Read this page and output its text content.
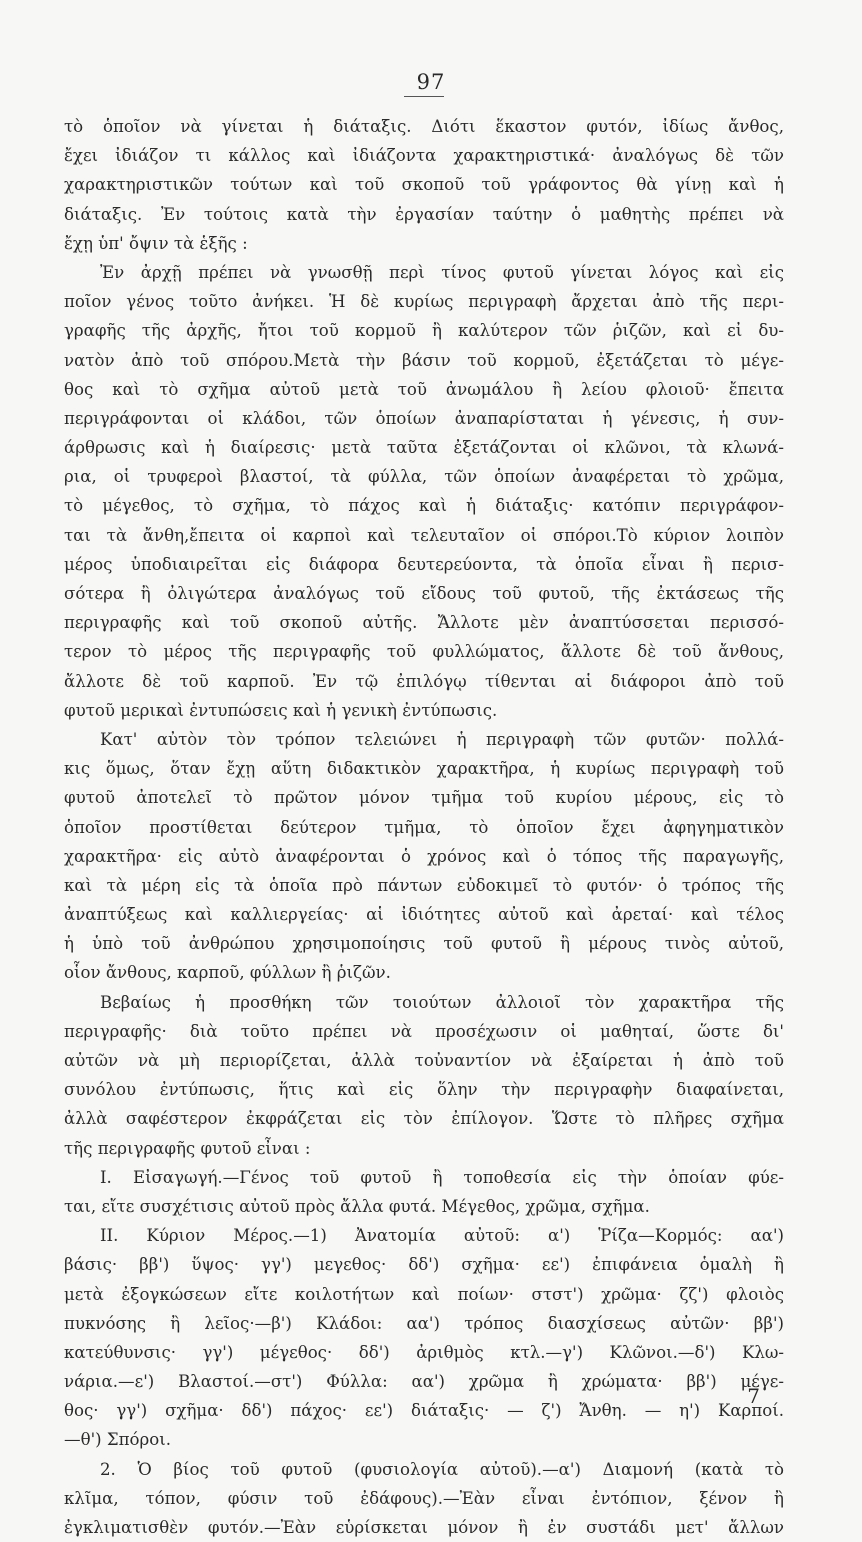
97
τὸ ὁποῖον νὰ γίνεται ἡ διάταξις. Διότι ἕκαστον φυτόν, ἰδίως ἄνθος,
ἔχει ἰδιάζον τι κάλλος καὶ ἰδιάζοντα χαρακτηριστικά· ἀναλόγως δὲ τῶν
χαρακτηριστικῶν τούτων καὶ τοῦ σκοποῦ τοῦ γράφοντος θὰ γίνῃ καὶ ἡ
διάταξις. Ἐν τούτοις κατὰ τὴν ἐργασίαν ταύτην ὁ μαθητὴς πρέπει νὰ
ἔχῃ ὑπ' ὄψιν τὰ ἑξῆς :
Ἐν ἀρχῇ πρέπει νὰ γνωσθῇ περὶ τίνος φυτοῦ γίνεται λόγος καὶ εἰς
ποῖον γένος τοῦτο ἀνήκει. Ἡ δὲ κυρίως περιγραφὴ ἄρχεται ἀπὸ τῆς περι-
γραφῆς τῆς ἀρχῆς, ἤτοι τοῦ κορμοῦ ἢ καλύτερον τῶν ῥιζῶν, καὶ εἰ δυ-
νατὸν ἀπὸ τοῦ σπόρου.Μετὰ τὴν βάσιν τοῦ κορμοῦ, ἐξετάζεται τὸ μέγε-
θος καὶ τὸ σχῆμα αὐτοῦ μετὰ τοῦ ἀνωμάλου ἢ λείου φλοιοῦ· ἔπειτα
περιγράφονται οἱ κλάδοι, τῶν ὁποίων ἀναπαρίσταται ἡ γένεσις, ἡ συν-
άρθρωσις καὶ ἡ διαίρεσις· μετὰ ταῦτα ἐξετάζονται οἱ κλῶνοι, τὰ κλωνά-
ρια, οἱ τρυφεροὶ βλαστοί, τὰ φύλλα, τῶν ὁποίων ἀναφέρεται τὸ χρῶμα,
τὸ μέγεθος, τὸ σχῆμα, τὸ πάχος καὶ ἡ διάταξις· κατόπιν περιγράφον-
ται τὰ ἄνθη,ἔπειτα οἱ καρποὶ καὶ τελευταῖον οἱ σπόροι.Τὸ κύριον λοιπὸν
μέρος ὑποδιαιρεῖται εἰς διάφορα δευτερεύοντα, τὰ ὁποῖα εἶναι ἢ περισ-
σότερα ἢ ὀλιγώτερα ἀναλόγως τοῦ εἴδους τοῦ φυτοῦ, τῆς ἐκτάσεως τῆς
περιγραφῆς καὶ τοῦ σκοποῦ αὐτῆς. Ἄλλοτε μὲν ἀναπτύσσεται περισσό-
τερον τὸ μέρος τῆς περιγραφῆς τοῦ φυλλώματος, ἄλλοτε δὲ τοῦ ἄνθους,
ἄλλοτε δὲ τοῦ καρποῦ. Ἐν τῷ ἐπιλόγῳ τίθενται αἱ διάφοροι ἀπὸ τοῦ
φυτοῦ μερικαὶ ἐντυπώσεις καὶ ἡ γενικὴ ἐντύπωσις.
Κατ' αὐτὸν τὸν τρόπον τελειώνει ἡ περιγραφὴ τῶν φυτῶν· πολλά-
κις ὅμως, ὅταν ἔχῃ αὕτη διδακτικὸν χαρακτῆρα, ἡ κυρίως περιγραφὴ τοῦ
φυτοῦ ἀποτελεῖ τὸ πρῶτον μόνον τμῆμα τοῦ κυρίου μέρους, εἰς τὸ
ὁποῖον προστίθεται δεύτερον τμῆμα, τὸ ὁποῖον ἔχει ἀφηγηματικὸν
χαρακτῆρα· εἰς αὐτὸ ἀναφέρονται ὁ χρόνος καὶ ὁ τόπος τῆς παραγωγῆς,
καὶ τὰ μέρη εἰς τὰ ὁποῖα πρὸ πάντων εὐδοκιμεῖ τὸ φυτόν· ὁ τρόπος τῆς
ἀναπτύξεως καὶ καλλιεργείας· αἱ ἰδιότητες αὐτοῦ καὶ ἀρεταί· καὶ τέλος
ἡ ὑπὸ τοῦ ἀνθρώπου χρησιμοποίησις τοῦ φυτοῦ ἢ μέρους τινὸς αὐτοῦ,
οἷον ἄνθους, καρποῦ, φύλλων ἢ ῥιζῶν.
Βεβαίως ἡ προσθήκη τῶν τοιούτων ἀλλοιοῖ τὸν χαρακτῆρα τῆς
περιγραφῆς· διὰ τοῦτο πρέπει νὰ προσέχωσιν οἱ μαθηταί, ὥστε δι'
αὐτῶν νὰ μὴ περιορίζεται, ἀλλὰ τοὐναντίον νὰ ἐξαίρεται ἡ ἀπὸ τοῦ
συνόλου ἐντύπωσις, ἥτις καὶ εἰς ὅλην τὴν περιγραφὴν διαφαίνεται,
ἀλλὰ σαφέστερον ἐκφράζεται εἰς τὸν ἐπίλογον. Ὥστε τὸ πλῆρες σχῆμα
τῆς περιγραφῆς φυτοῦ εἶναι :
I. Εἰσαγωγή.—Γένος τοῦ φυτοῦ ἢ τοποθεσία εἰς τὴν ὁποίαν φύε-
ται, εἴτε συσχέτισις αὐτοῦ πρὸς ἄλλα φυτά. Μέγεθος, χρῶμα, σχῆμα.
II. Κύριον Μέρος.—1) Ἀνατομία αὐτοῦ: α') Ῥίζα—Κορμός: αα')
βάσις· ββ') ὕψος· γγ') μεγεθος· δδ') σχῆμα· εε') ἐπιφάνεια ὁμαλὴ ἢ
μετὰ ἐξογκώσεων εἴτε κοιλοτήτων καὶ ποίων· στστ') χρῶμα· ζζ') φλοιὸς
πυκνόσης ἢ λεῖος·—β') Κλάδοι: αα') τρόπος διασχίσεως αὐτῶν· ββ')
κατεύθυνσις· γγ') μέγεθος· δδ') ἀριθμὸς κτλ.—γ') Κλῶνοι.—δ') Κλω-
νάρια.—ε') Βλαστοί.—στ') Φύλλα: αα') χρῶμα ἢ χρώματα· ββ') μέγε-
θος· γγ') σχῆμα· δδ') πάχος· εε') διάταξις· — ζ') Ἄνθη. — η') Καρποί.
—θ') Σπόροι.
2. Ὁ βίος τοῦ φυτοῦ (φυσιολογία αὐτοῦ).—α') Διαμονή (κατὰ τὸ
κλῖμα, τόπον, φύσιν τοῦ ἐδάφους).—Ἐὰν εἶναι ἐντόπιον, ξένον ἢ
ἐγκλιματισθὲν φυτόν.—Ἐὰν εὑρίσκεται μόνον ἢ ἐν συστάδι μετ' ἄλλων
7
